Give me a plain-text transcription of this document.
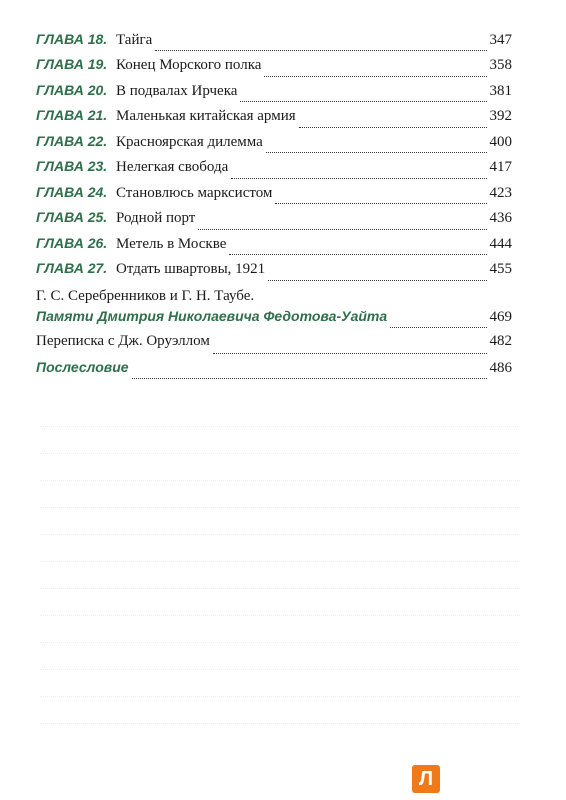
ГЛАВА 18. Тайга	347
ГЛАВА 19. Конец Морского полка	358
ГЛАВА 20. В подвалах Ирчека	381
ГЛАВА 21. Маленькая китайская армия	392
ГЛАВА 22. Красноярская дилемма	400
ГЛАВА 23. Нелегкая свобода	417
ГЛАВА 24. Становлюсь марксистом	423
ГЛАВА 25. Родной порт	436
ГЛАВА 26. Метель в Москве	444
ГЛАВА 27. Отдать швартовы, 1921	455
Г. С. Серебренников и Г. Н. Таубе.
Памяти Дмитрия Николаевича Федотова-Уайта	469
Переписка с Дж. Оруэллом	482
Послесловие	486
Л
